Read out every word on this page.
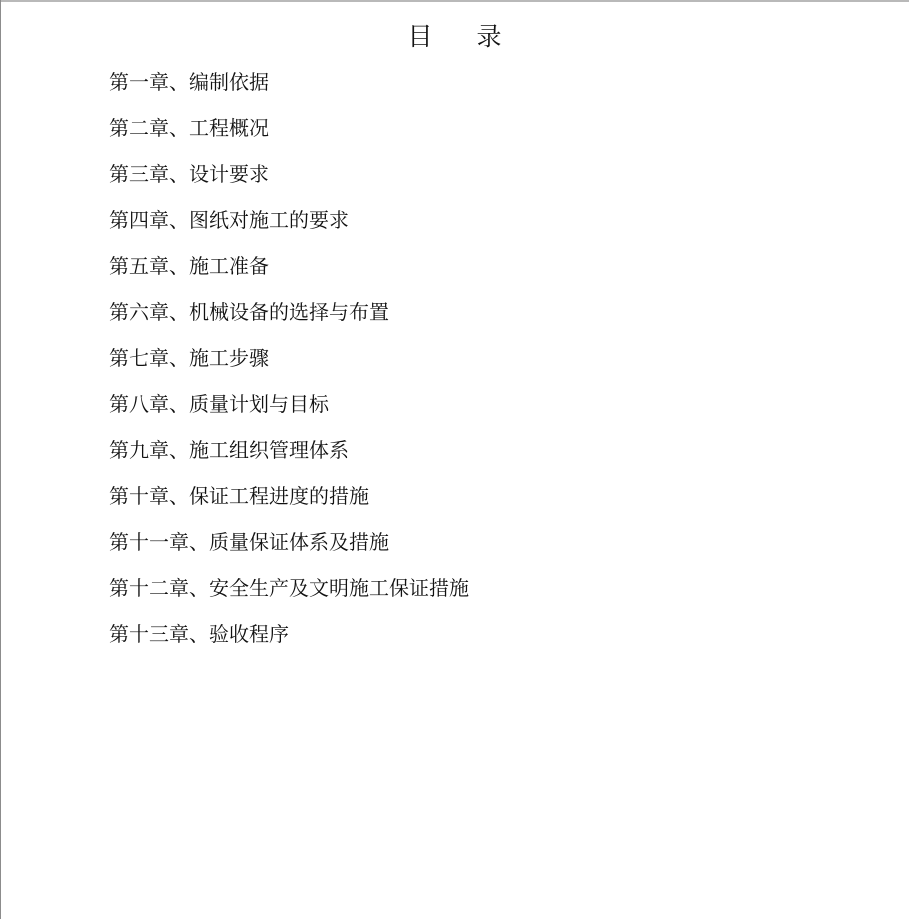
目录
第一章、编制依据
第二章、工程概况
第三章、设计要求
第四章、图纸对施工的要求
第五章、施工准备
第六章、机械设备的选择与布置
第七章、施工步骤
第八章、质量计划与目标
第九章、施工组织管理体系
第十章、保证工程进度的措施
第十一章、质量保证体系及措施
第十二章、安全生产及文明施工保证措施
第十三章、验收程序
